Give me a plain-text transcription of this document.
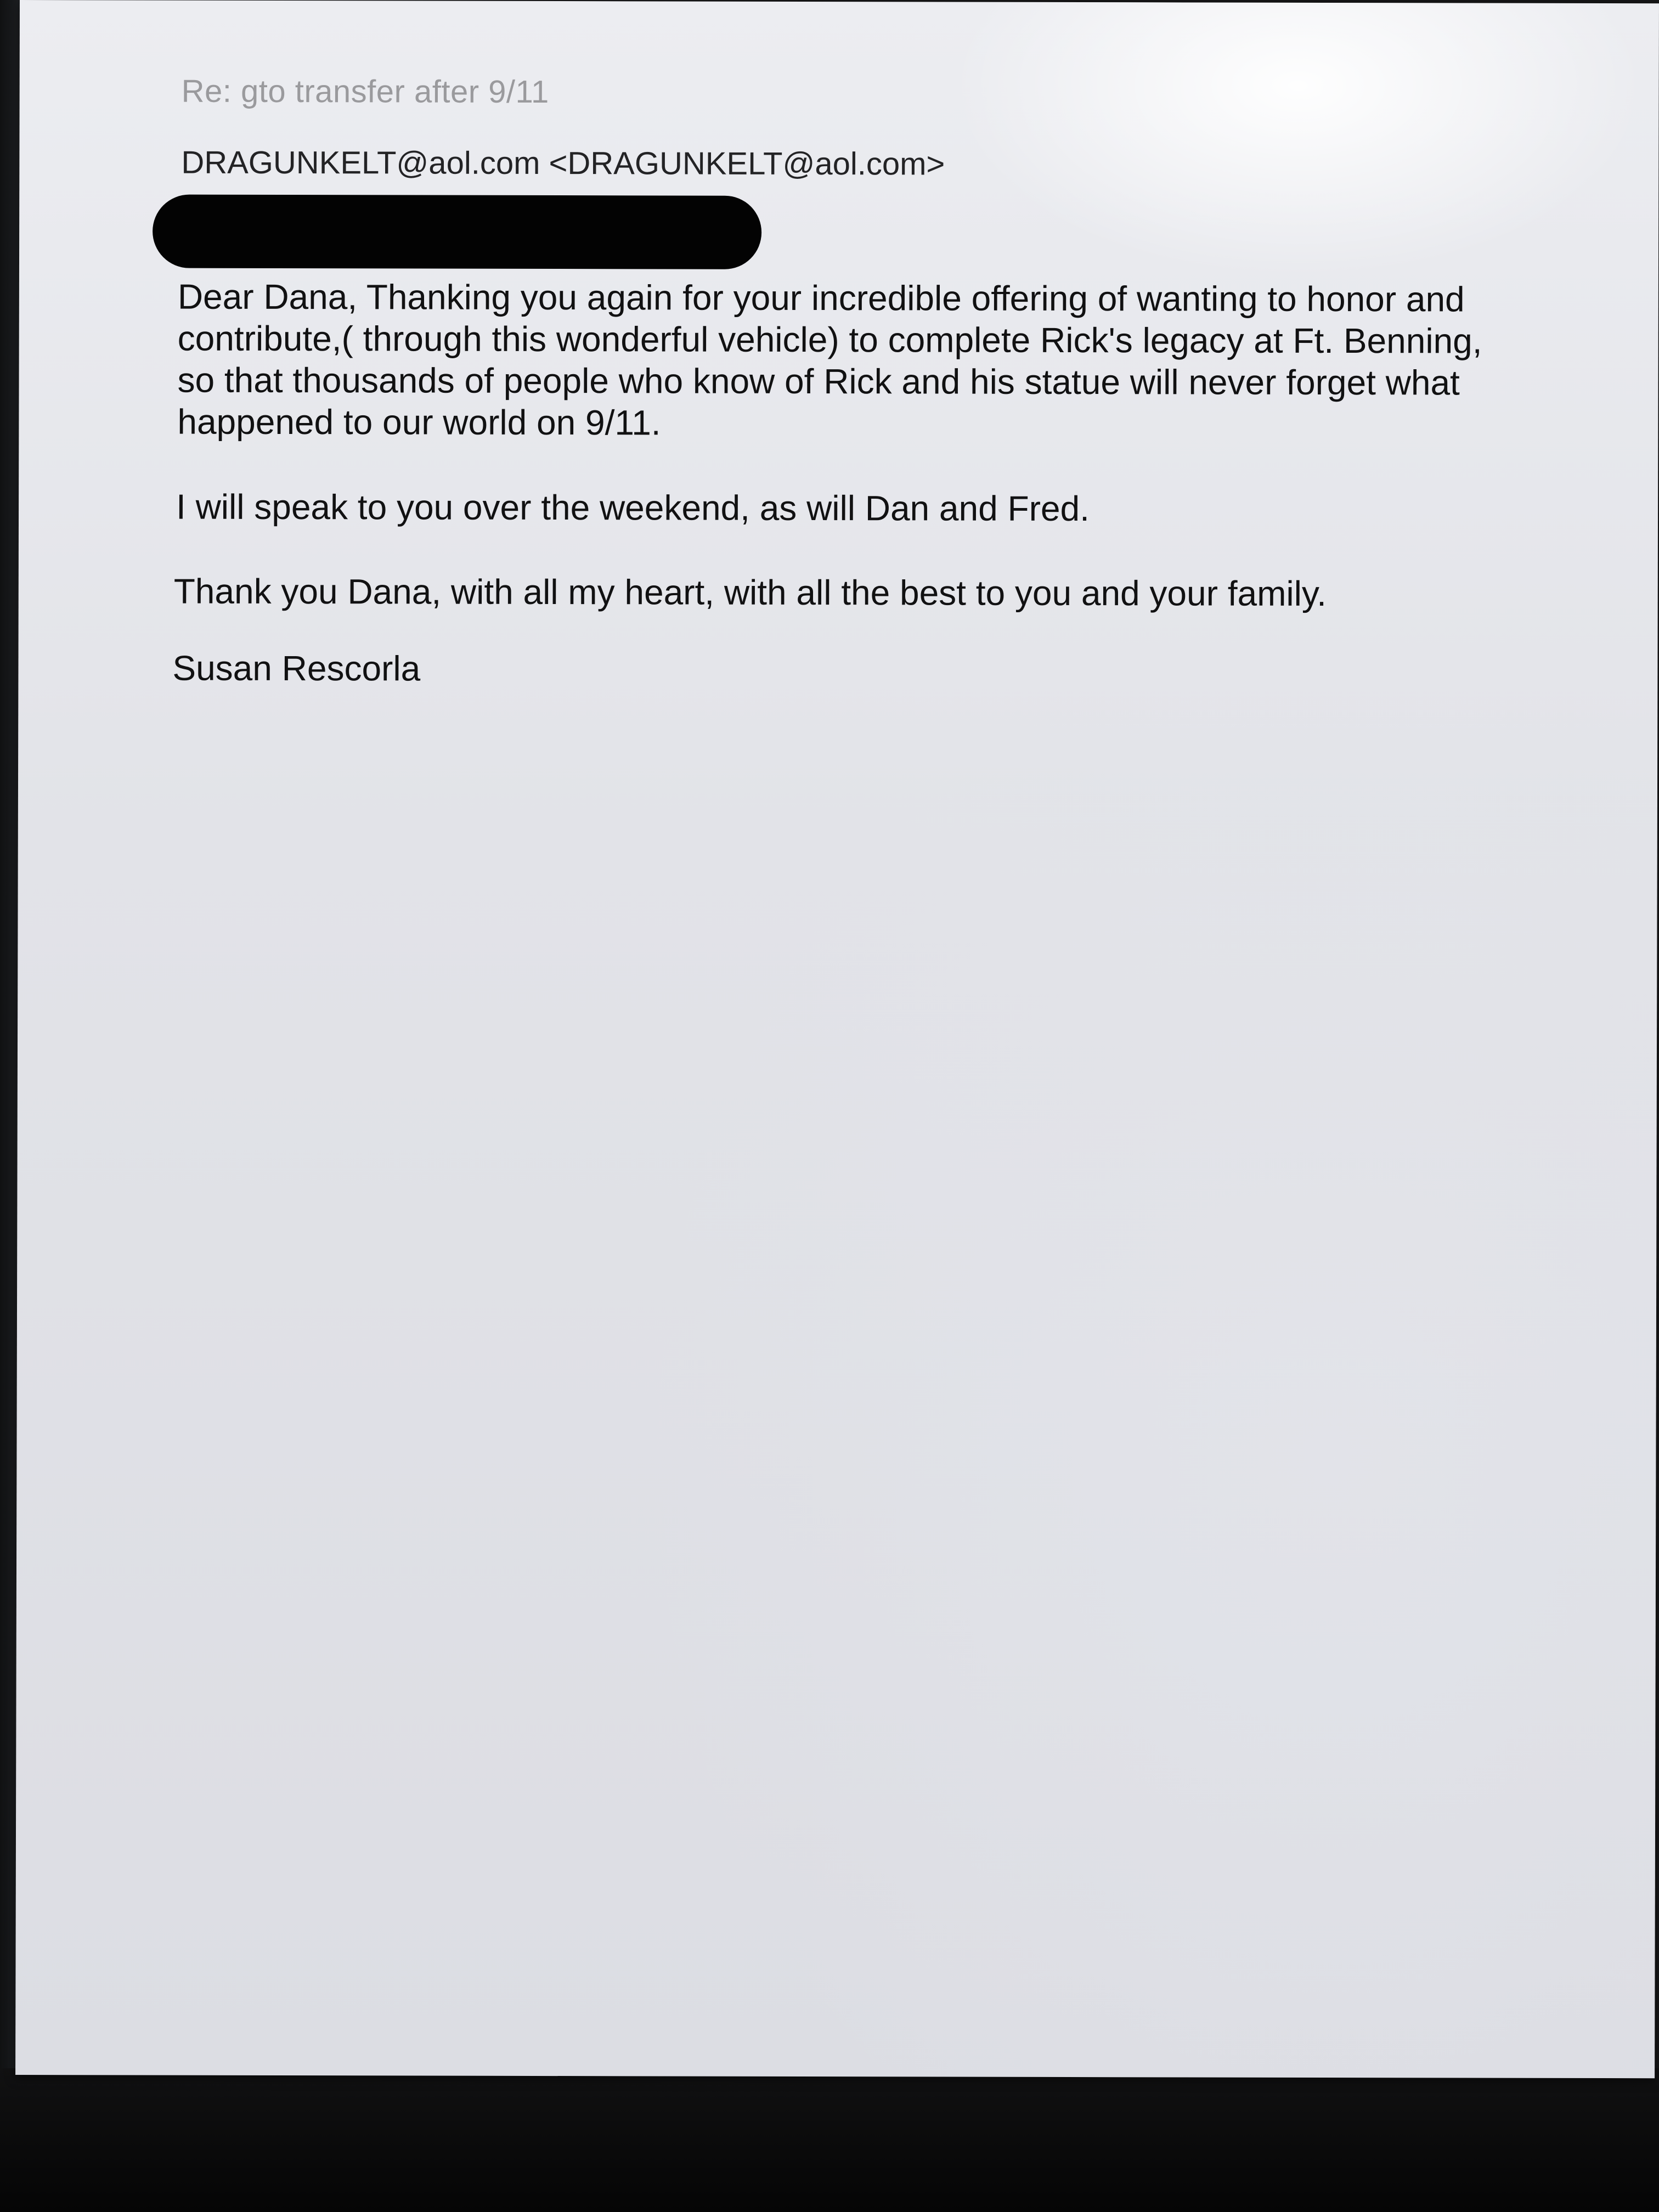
Re: gto transfer after 9/11
DRAGUNKELT@aol.com <DRAGUNKELT@aol.com>
Dear Dana, Thanking you again for your incredible offering of wanting to honor and
contribute,( through this wonderful vehicle) to complete Rick's legacy at Ft. Benning,
so that thousands of people who know of Rick and his statue will never forget what
happened to our world on 9/11.
I will speak to you over the weekend, as will Dan and Fred.
Thank you Dana, with all my heart, with all the best to you and your family.
Susan Rescorla
